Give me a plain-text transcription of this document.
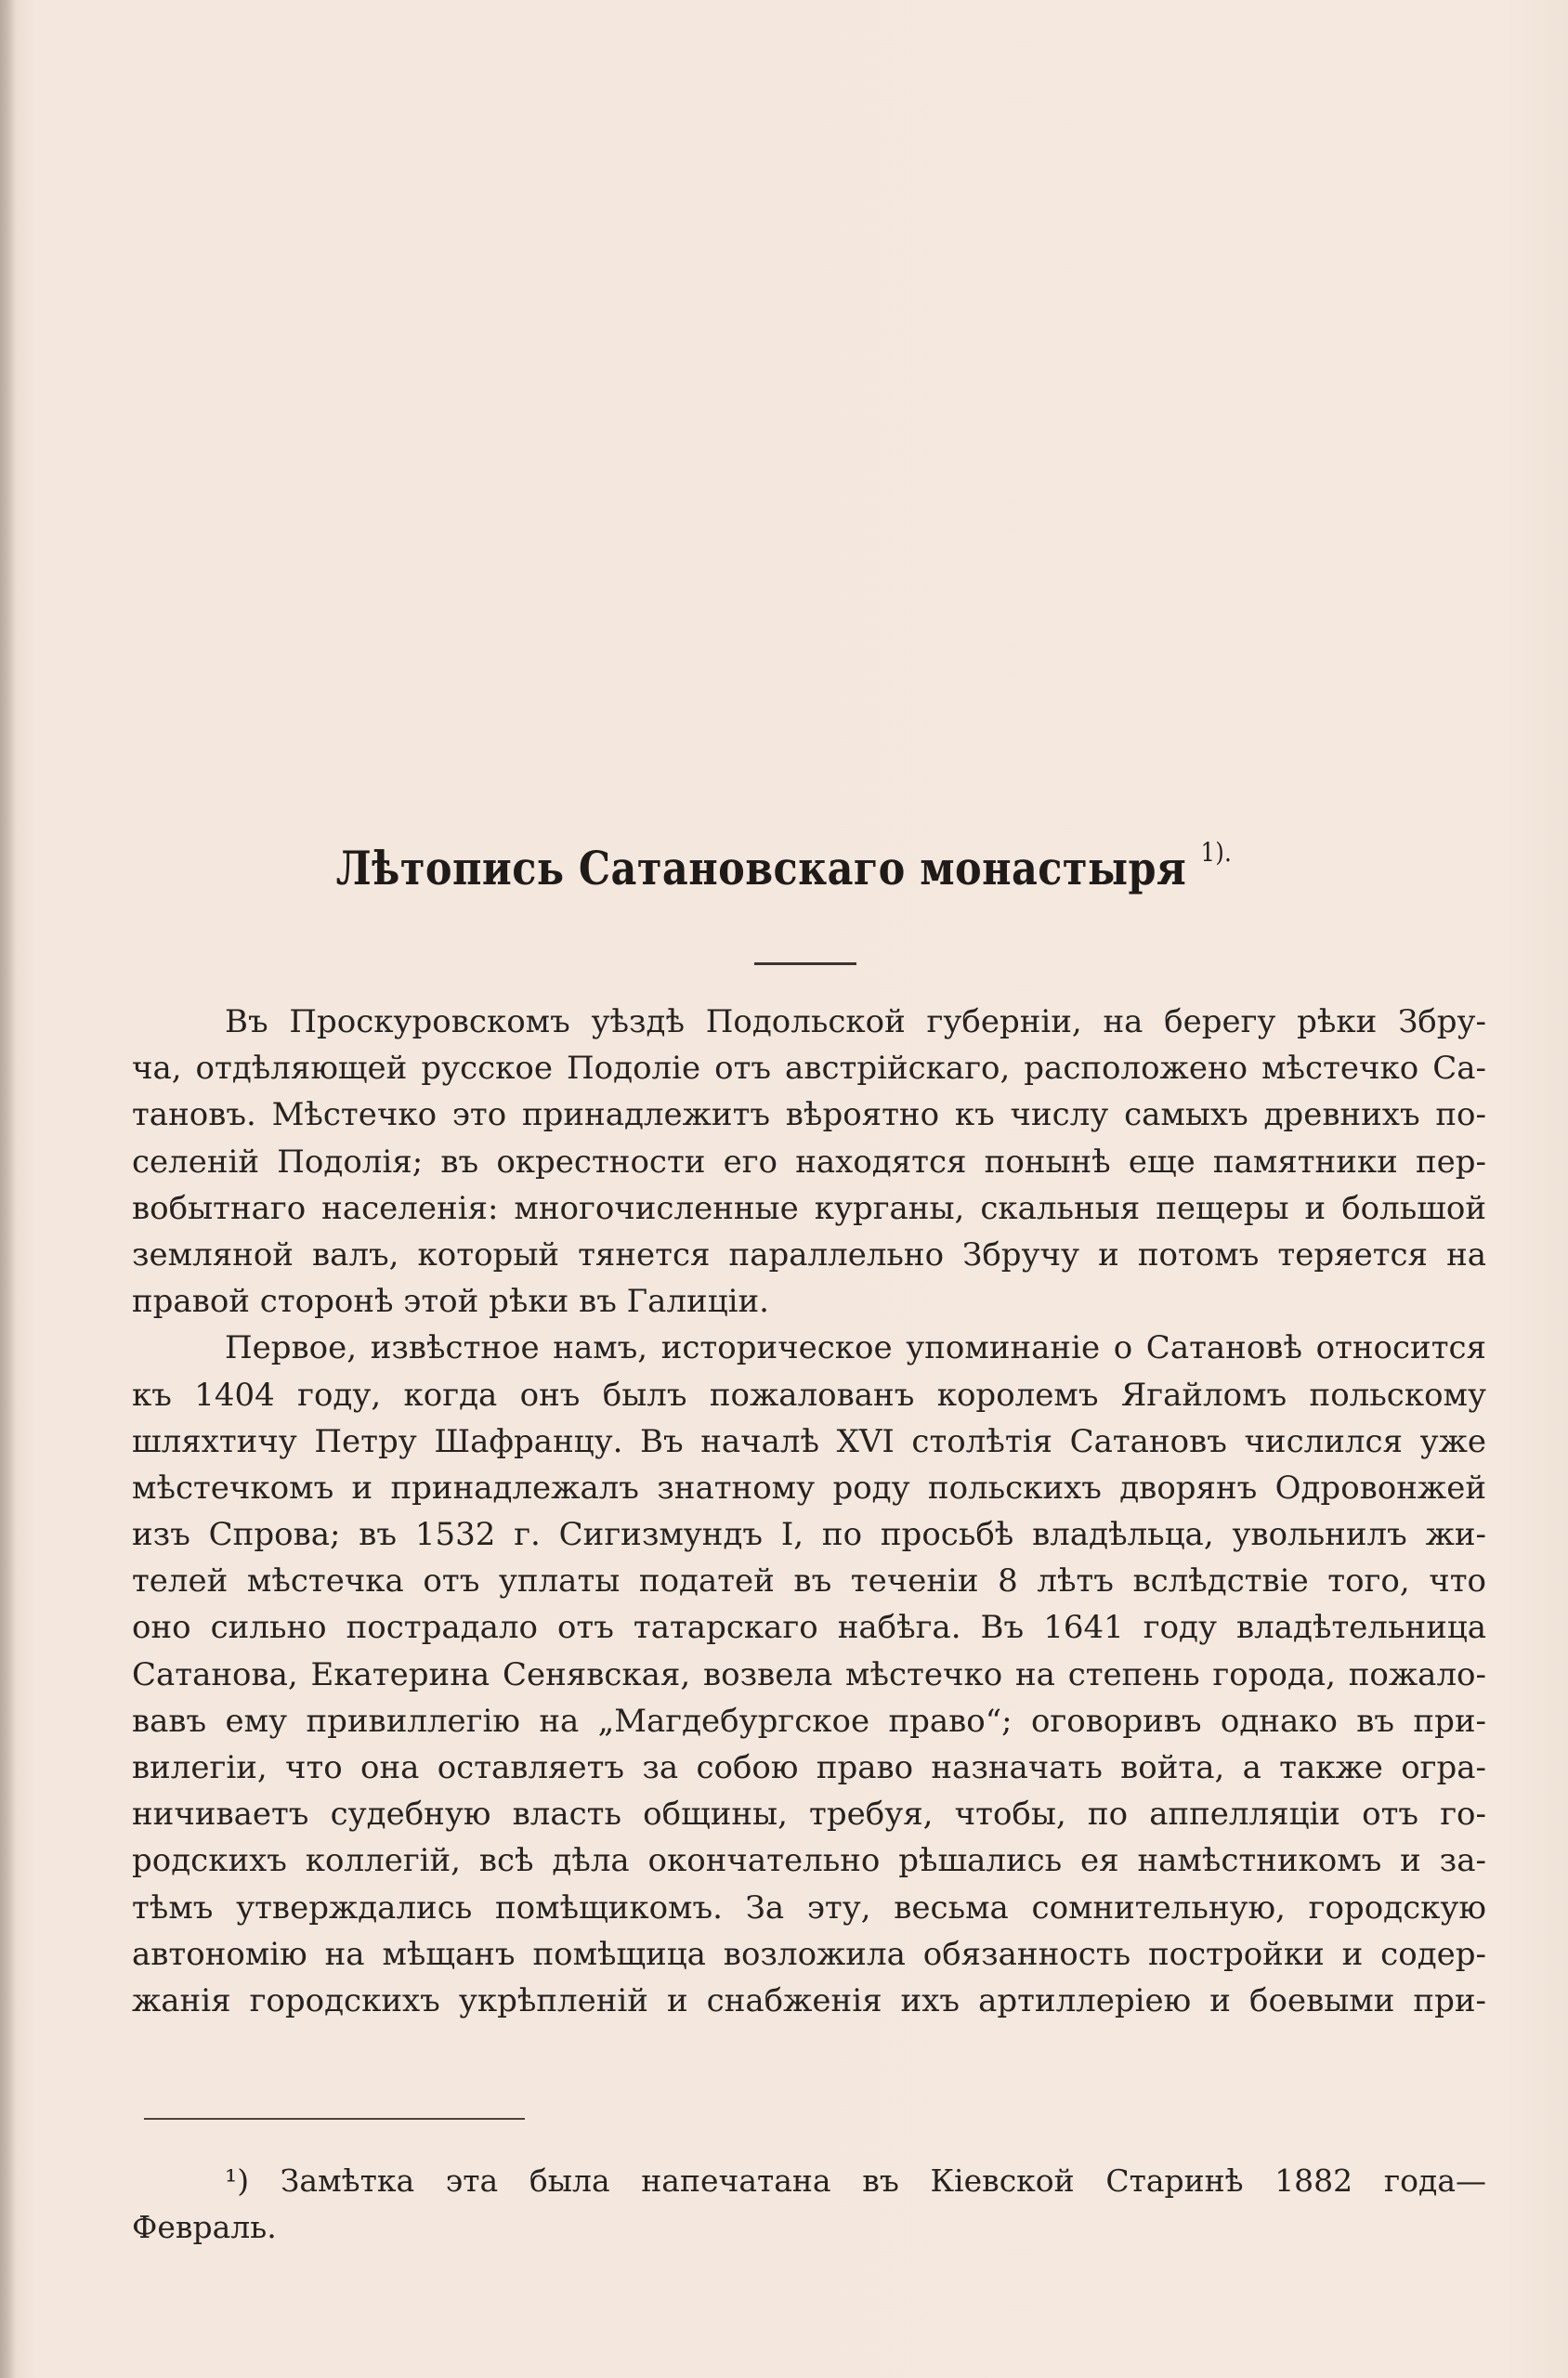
Лѣтопись Сатановскаго монастыря $^{1).}$
Въ Проскуровскомъ уѣздѣ Подольской губерніи, на берегу рѣки Збру-
ча, отдѣляющей русское Подоліе отъ австрійскаго, расположено мѣстечко Са-
тановъ. Мѣстечко это принадлежитъ вѣроятно къ числу самыхъ древнихъ по-
селеній Подолія; въ окрестности его находятся понынѣ еще памятники пер-
вобытнаго населенія: многочисленные курганы, скальныя пещеры и большой
земляной валъ, который тянется параллельно Збручу и потомъ теряется на
правой сторонѣ этой рѣки въ Галиціи.
Первое, извѣстное намъ, историческое упоминаніе о Сатановѣ относится
къ 1404 году, когда онъ былъ пожалованъ королемъ Ягайломъ польскому
шляхтичу Петру Шафранцу. Въ началѣ XVI столѣтія Сатановъ числился уже
мѣстечкомъ и принадлежалъ знатному роду польскихъ дворянъ Одровонжей
изъ Спрова; въ 1532 г. Сигизмундъ I, по просьбѣ владѣльца, увольнилъ жи-
телей мѣстечка отъ уплаты податей въ теченіи 8 лѣтъ вслѣдствіе того, что
оно сильно пострадало отъ татарскаго набѣга. Въ 1641 году владѣтельница
Сатанова, Екатерина Сенявская, возвела мѣстечко на степень города, пожало-
вавъ ему привиллегію на „Магдебургское право“; оговоривъ однако въ при-
вилегіи, что она оставляетъ за собою право назначать войта, а также огра-
ничиваетъ судебную власть общины, требуя, чтобы, по аппелляціи отъ го-
родскихъ коллегій, всѣ дѣла окончательно рѣшались ея намѣстникомъ и за-
тѣмъ утверждались помѣщикомъ. За эту, весьма сомнительную, городскую
автономію на мѣщанъ помѣщица возложила обязанность постройки и содер-
жанія городскихъ укрѣпленій и снабженія ихъ артиллеріею и боевыми при-
¹) Замѣтка эта была напечатана въ Кіевской Старинѣ 1882 года—
Февраль.
